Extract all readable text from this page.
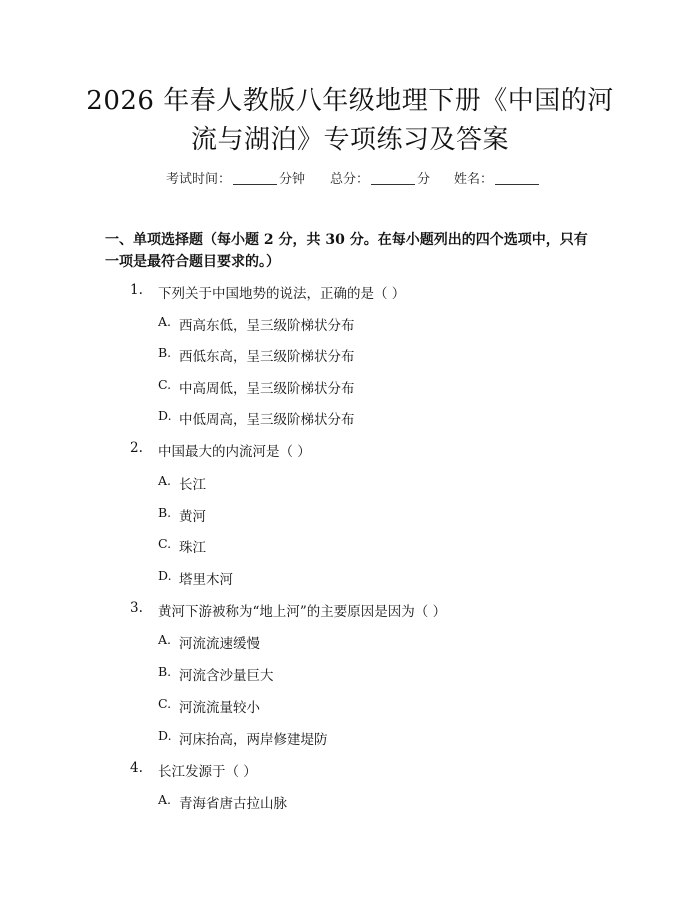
2026 年春人教版八年级地理下册《中国的河
流与湖泊》专项练习及答案
考试时间：	分钟 总分：	分 姓名：
一、单项选择题（每小题 2 分，共 30 分。在每小题列出的四个选项中，只有一项是最符合题目要求的。）
1. 下列关于中国地势的说法，正确的是（ ）
A. 西高东低，呈三级阶梯状分布
B. 西低东高，呈三级阶梯状分布
C. 中高周低，呈三级阶梯状分布
D. 中低周高，呈三级阶梯状分布
2. 中国最大的内流河是（ ）
A. 长江
B. 黄河
C. 珠江
D. 塔里木河
3. 黄河下游被称为“地上河”的主要原因是因为（ ）
A. 河流流速缓慢
B. 河流含沙量巨大
C. 河流流量较小
D. 河床抬高，两岸修建堤防
4. 长江发源于（ ）
A. 青海省唐古拉山脉
